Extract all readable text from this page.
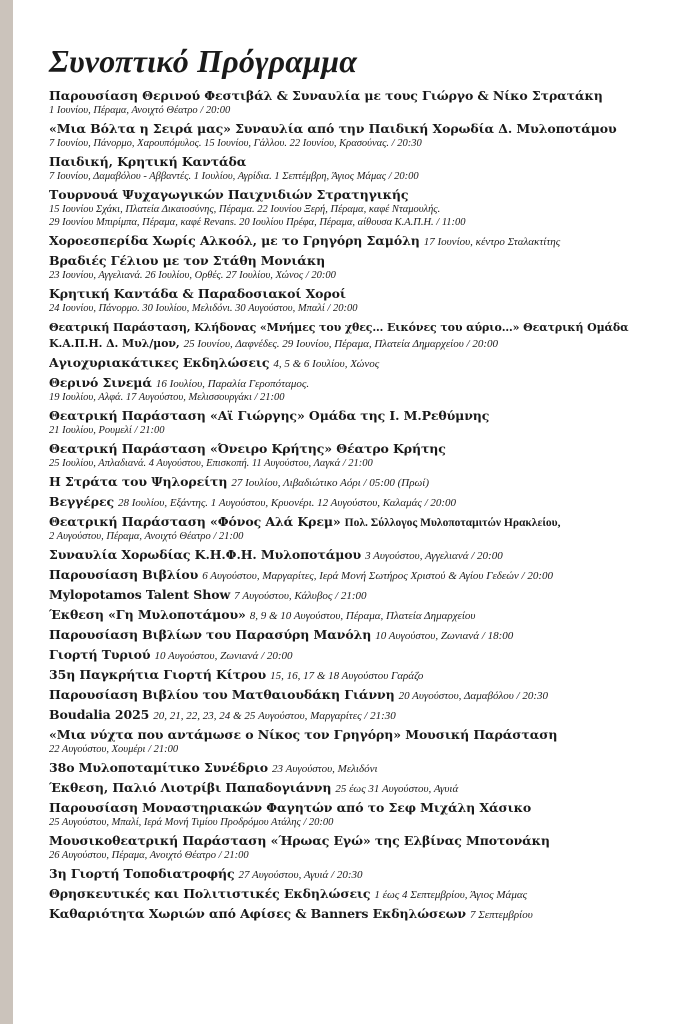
Συνοπτικό Πρόγραμμα
Παρουσίαση Θερινού Φεστιβάλ & Συναυλία με τους Γιώργο & Νίκο Στρατάκη
1 Ιουνίου, Πέραμα, Ανοιχτό Θέατρο / 20:00
«Μια Βόλτα η Σειρά μας» Συναυλία από την Παιδική Χορωδία Δ. Μυλοποτάμου
7 Ιουνίου, Πάνορμο, Χαρουπόμυλος. 15 Ιουνίου, Γάλλου. 22 Ιουνίου, Κρασούνας. / 20:30
Παιδική, Κρητική Καντάδα
7 Ιουνίου, Δαμαβόλου - Αββαντές. 1 Ιουλίου, Αγρίδια. 1 Σεπτέμβρη, Άγιος Μάμας / 20:00
Τουρνουά Ψυχαγωγικών Παιχνιδιών Στρατηγικής
15 Ιουνίου Σχάκι, Πλατεία Δικαιοσύνης, Πέραμα. 22 Ιουνίου Ξερή, Πέραμα, καφέ Νταμουλής.
29 Ιουνίου Μπιρίμπα, Πέραμα, καφέ Revans. 20 Ιουλίου Πρέφα, Πέραμα, αίθουσα Κ.Α.Π.Η. / 11:00
Χοροεσπερίδα Χωρίς Αλκοόλ, με το Γρηγόρη Σαμόλη 17 Ιουνίου, κέντρο Σταλακτίτης
Βραδιές Γέλιου με τον Στάθη Μονιάκη
23 Ιουνίου, Αγγελιανά. 26 Ιουλίου, Ορθές. 27 Ιουλίου, Χώνος / 20:00
Κρητική Καντάδα & Παραδοσιακοί Χοροί
24 Ιουνίου, Πάνορμο. 30 Ιουλίου, Μελιδόνι. 30 Αυγούστου, Μπαλί / 20:00
Θεατρική Παράσταση, Κλήδονας «Μνήμες του χθες… Εικόνες του αύριο…» Θεατρική Ομάδα
Κ.Α.Π.Η. Δ. Μυλ/μον, 25 Ιουνίου, Δαφνέδες. 29 Ιουνίου, Πέραμα, Πλατεία Δημαρχείου / 20:00
Αγιοχυριακάτικες Εκδηλώσεις 4, 5 & 6 Ιουλίου, Χώνος
Θερινό Σινεμά 16 Ιουλίου, Παραλία Γεροπόταμος.
19 Ιουλίου, Αλφά. 17 Αυγούστου, Μελισσουργάκι / 21:00
Θεατρική Παράσταση «Αϊ Γιώργης» Ομάδα της Ι. Μ.Ρεθύμνης
21 Ιουλίου, Ρουμελί / 21:00
Θεατρική Παράσταση «Όνειρο Κρήτης» Θέατρο Κρήτης
25 Ιουλίου, Απλαδιανά. 4 Αυγούστου, Επισκοπή. 11 Αυγούστου, Λαγκά / 21:00
Η Στράτα του Ψηλορείτη 27 Ιουλίου, Λιβαδιώτικο Αόρι / 05:00 (Πρωί)
Βεγγέρες 28 Ιουλίου, Εξάντης. 1 Αυγούστου, Κρυονέρι. 12 Αυγούστου, Καλαμάς / 20:00
Θεατρική Παράσταση «Φόνος Αλά Κρεμ» Πολ. Σύλλογος Μυλοποταμιτών Ηρακλείου,
2 Αυγούστου, Πέραμα, Ανοιχτό Θέατρο / 21:00
Συναυλία Χορωδίας Κ.Η.Φ.Η. Μυλοποτάμου 3 Αυγούστου, Αγγελιανά / 20:00
Παρουσίαση Βιβλίου 6 Αυγούστου, Μαργαρίτες, Ιερά Μονή Σωτήρος Χριστού & Αγίου Γεδεών / 20:00
Mylopotamos Talent Show 7 Αυγούστου, Κάλυβος / 21:00
Έκθεση «Γη Μυλοποτάμου» 8, 9 & 10 Αυγούστου, Πέραμα, Πλατεία Δημαρχείου
Παρουσίαση Βιβλίων του Παρασύρη Μανόλη 10 Αυγούστου, Ζωνιανά / 18:00
Γιορτή Τυριού 10 Αυγούστου, Ζωνιανά / 20:00
35η Παγκρήτια Γιορτή Κίτρου 15, 16, 17 & 18 Αυγούστου Γαράζο
Παρουσίαση Βιβλίου του Ματθαιουδάκη Γιάννη 20 Αυγούστου, Δαμαβόλου / 20:30
Boudalia 2025 20, 21, 22, 23, 24 & 25 Αυγούστου, Μαργαρίτες / 21:30
«Μια νύχτα που αντάμωσε ο Νίκος τον Γρηγόρη» Μουσική Παράσταση
22 Αυγούστου, Χουμέρι / 21:00
38ο Μυλοποταμίτικο Συνέδριο 23 Αυγούστου, Μελιδόνι
Έκθεση, Παλιό Λιοτρίβι Παπαδογιάννη 25 έως 31 Αυγούστου, Αγυιά
Παρουσίαση Μοναστηριακών Φαγητών από το Σεφ Μιχάλη Χάσικο
25 Αυγούστου, Μπαλί, Ιερά Μονή Τιμίου Προδρόμου Ατάλης / 20:00
Μουσικοθεατρική Παράσταση «Ήρωας Εγώ» της Ελβίνας Μποτονάκη
26 Αυγούστου, Πέραμα, Ανοιχτό Θέατρο / 21:00
3η Γιορτή Τοποδιατροφής 27 Αυγούστου, Αγυιά / 20:30
Θρησκευτικές και Πολιτιστικές Εκδηλώσεις 1 έως 4 Σεπτεμβρίου, Άγιος Μάμας
Καθαριότητα Χωριών από Αφίσες & Banners Εκδηλώσεων 7 Σεπτεμβρίου
